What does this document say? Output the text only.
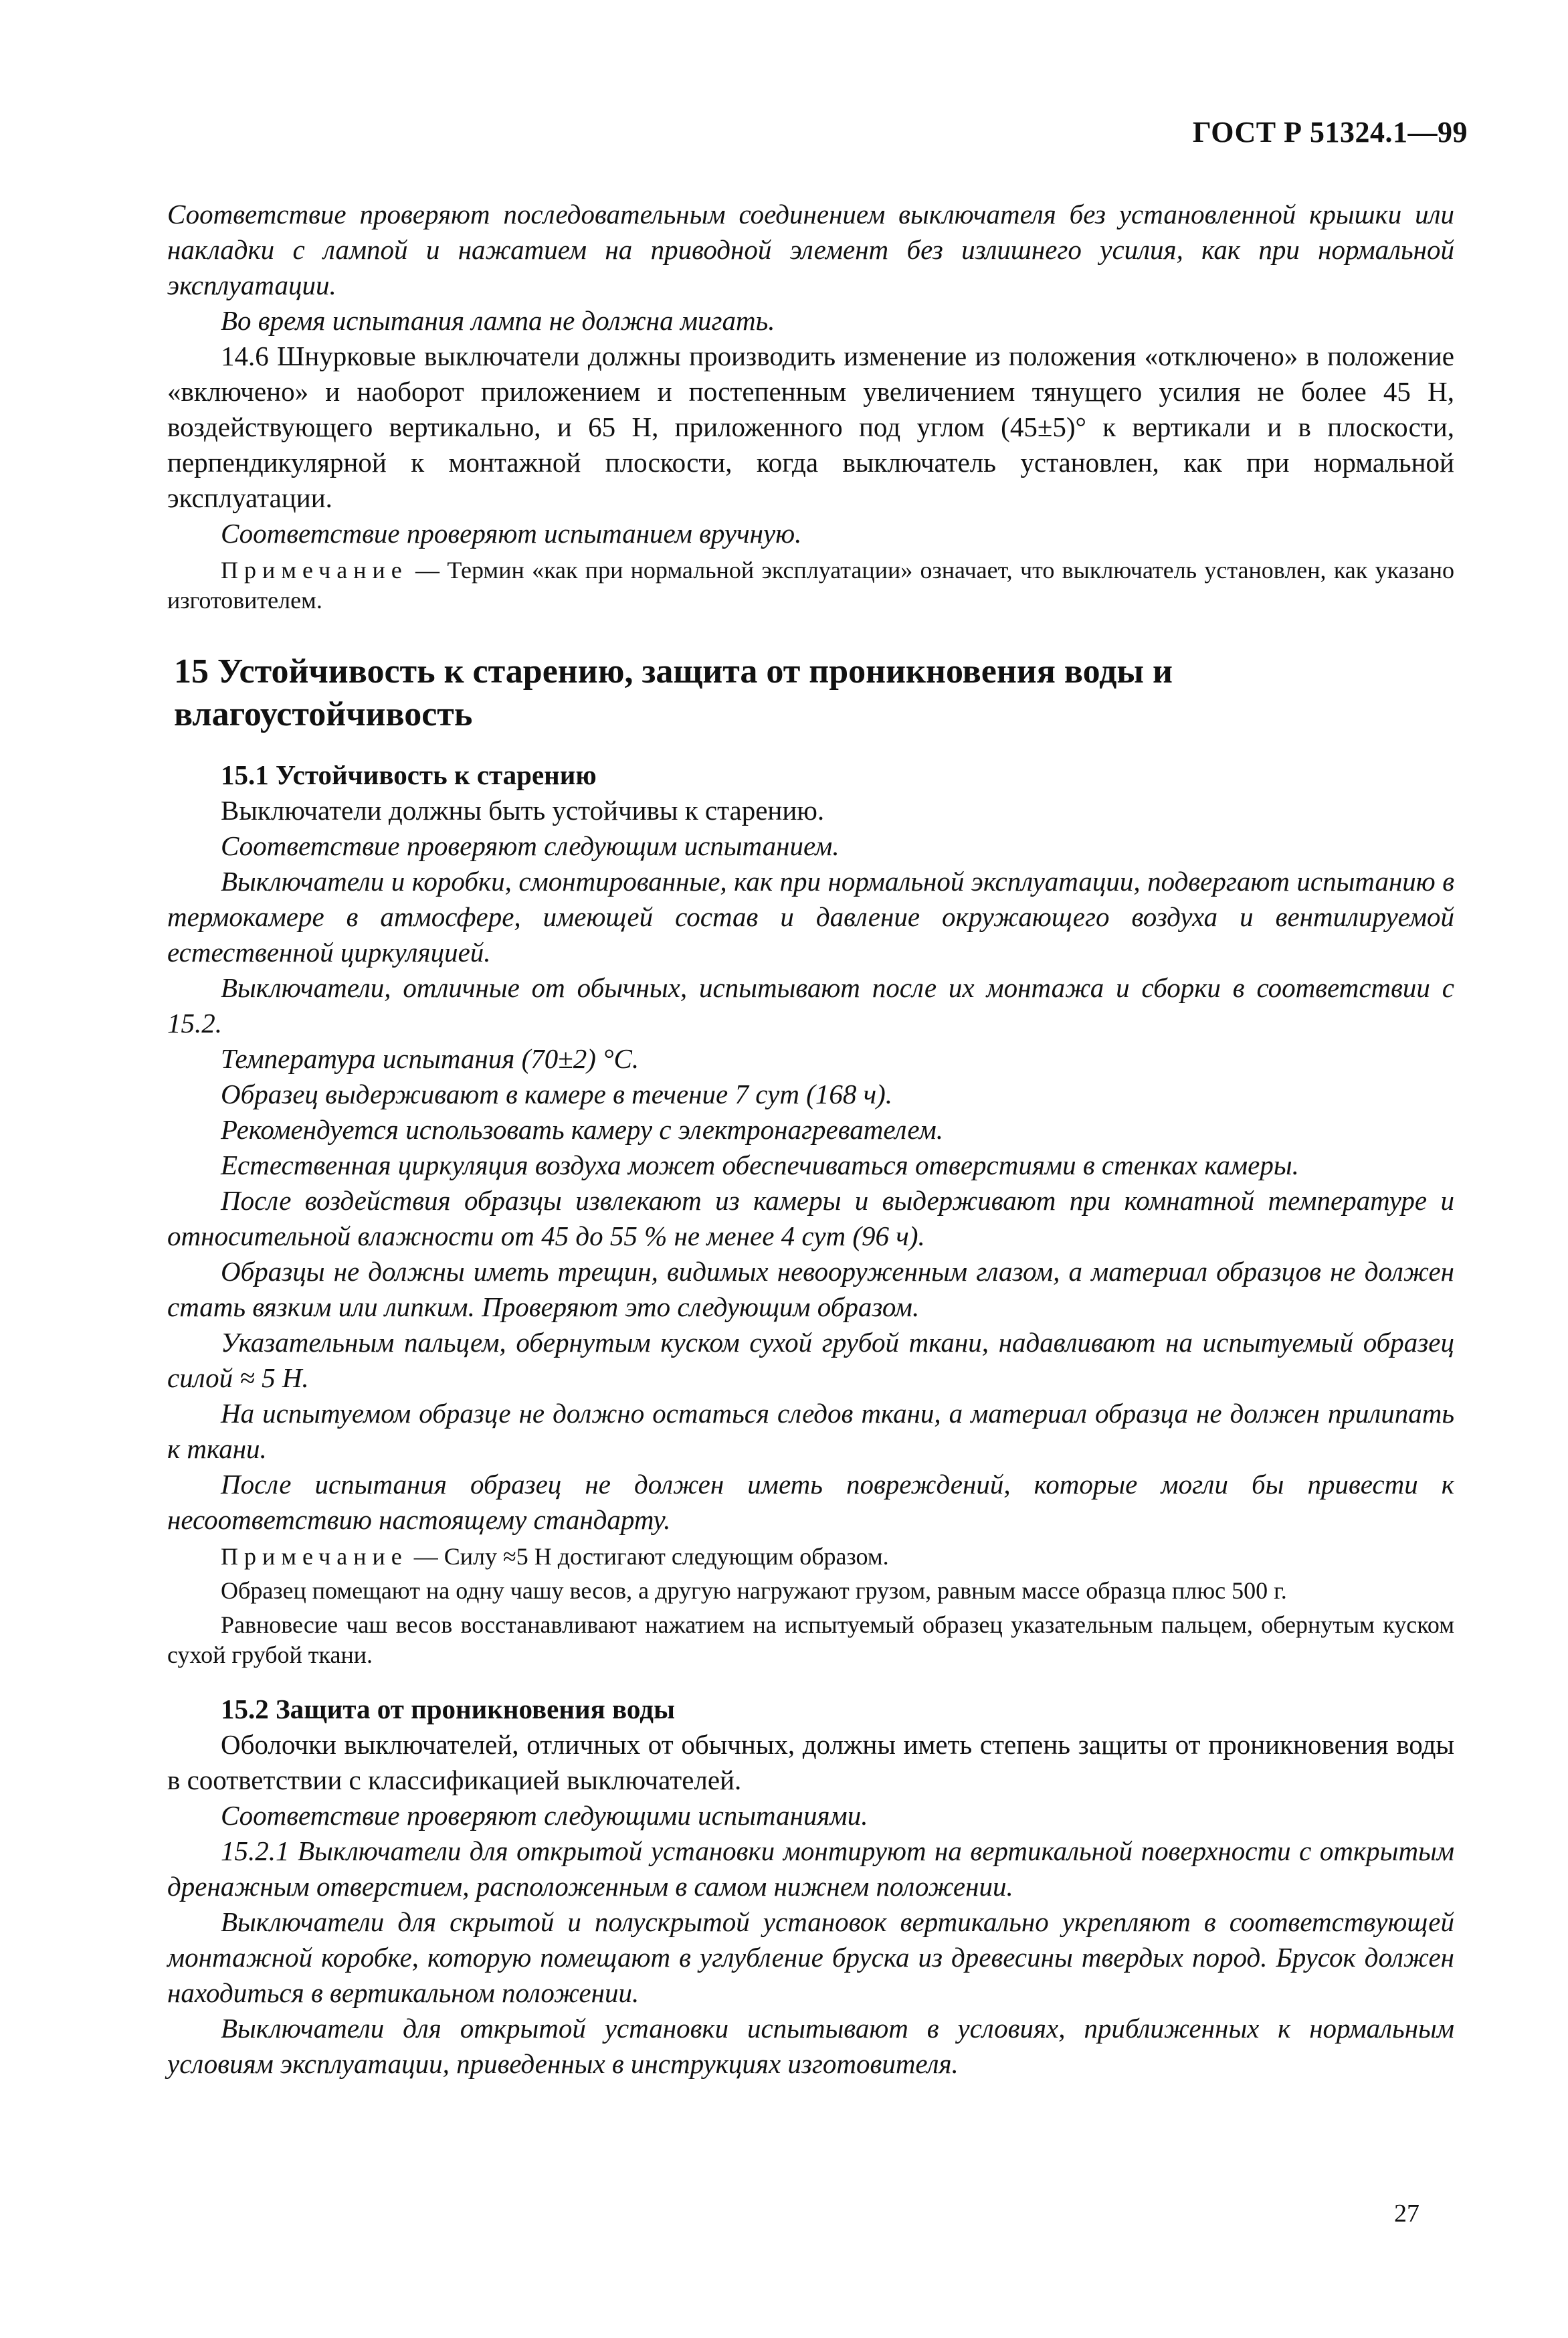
ГОСТ Р 51324.1—99

Соответствие проверяют последовательным соединением выключателя без установленной крышки или накладки с лампой и нажатием на приводной элемент без излишнего усилия, как при нормальной эксплуатации.

Во время испытания лампа не должна мигать.

14.6 Шнурковые выключатели должны производить изменение из положения «отключено» в положение «включено» и наоборот приложением и постепенным увеличением тянущего усилия не более 45 Н, воздействующего вертикально, и 65 Н, приложенного под углом (45±5)° к вертикали и в плоскости, перпендикулярной к монтажной плоскости, когда выключатель установлен, как при нормальной эксплуатации.

Соответствие проверяют испытанием вручную.

Примечание — Термин «как при нормальной эксплуатации» означает, что выключатель установлен, как указано изготовителем.

15 Устойчивость к старению, защита от проникновения воды и влагоустойчивость
15.1 Устойчивость к старению

Выключатели должны быть устойчивы к старению.

Соответствие проверяют следующим испытанием.

Выключатели и коробки, смонтированные, как при нормальной эксплуатации, подвергают испытанию в термокамере в атмосфере, имеющей состав и давление окружающего воздуха и вентилируемой естественной циркуляцией.

Выключатели, отличные от обычных, испытывают после их монтажа и сборки в соответствии с 15.2.

Температура испытания (70±2) °С.

Образец выдерживают в камере в течение 7 сут (168 ч).

Рекомендуется использовать камеру с электронагревателем.

Естественная циркуляция воздуха может обеспечиваться отверстиями в стенках камеры.

После воздействия образцы извлекают из камеры и выдерживают при комнатной температуре и относительной влажности от 45 до 55 % не менее 4 сут (96 ч).

Образцы не должны иметь трещин, видимых невооруженным глазом, а материал образцов не должен стать вязким или липким. Проверяют это следующим образом.

Указательным пальцем, обернутым куском сухой грубой ткани, надавливают на испытуемый образец силой ≈ 5 Н.

На испытуемом образце не должно остаться следов ткани, а материал образца не должен прилипать к ткани.

После испытания образец не должен иметь повреждений, которые могли бы привести к несоответствию настоящему стандарту.

Примечание — Силу ≈5 Н достигают следующим образом.

Образец помещают на одну чашу весов, а другую нагружают грузом, равным массе образца плюс 500 г.

Равновесие чаш весов восстанавливают нажатием на испытуемый образец указательным пальцем, обернутым куском сухой грубой ткани.

15.2 Защита от проникновения воды

Оболочки выключателей, отличных от обычных, должны иметь степень защиты от проникновения воды в соответствии с классификацией выключателей.

Соответствие проверяют следующими испытаниями.

15.2.1 Выключатели для открытой установки монтируют на вертикальной поверхности с открытым дренажным отверстием, расположенным в самом нижнем положении.

Выключатели для скрытой и полускрытой установок вертикально укрепляют в соответствующей монтажной коробке, которую помещают в углубление бруска из древесины твердых пород. Брусок должен находиться в вертикальном положении.

Выключатели для открытой установки испытывают в условиях, приближенных к нормальным условиям эксплуатации, приведенных в инструкциях изготовителя.

27
